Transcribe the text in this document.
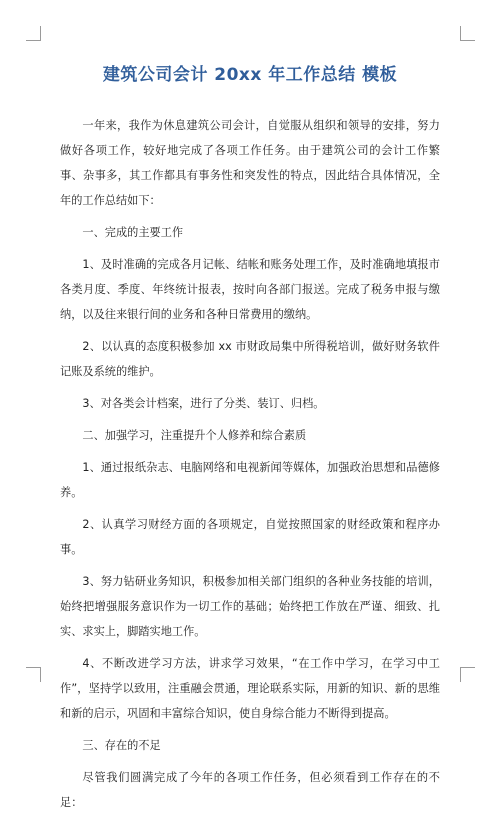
建筑公司会计 20xx 年工作总结 模板

一年来，我作为休息建筑公司会计，自觉服从组织和领导的安排，努力做好各项工作，较好地完成了各项工作任务。由于建筑公司的会计工作繁事、杂事多，其工作都具有事务性和突发性的特点，因此结合具体情况，全年的工作总结如下：

一、完成的主要工作

1、及时准确的完成各月记帐、结帐和账务处理工作，及时准确地填报市各类月度、季度、年终统计报表，按时向各部门报送。完成了税务申报与缴纳，以及往来银行间的业务和各种日常费用的缴纳。

2、以认真的态度积极参加 xx 市财政局集中所得税培训，做好财务软件记账及系统的维护。

3、对各类会计档案，进行了分类、装订、归档。

二、加强学习，注重提升个人修养和综合素质

1、通过报纸杂志、电脑网络和电视新闻等媒体，加强政治思想和品德修养。

2、认真学习财经方面的各项规定，自觉按照国家的财经政策和程序办事。

3、努力钻研业务知识，积极参加相关部门组织的各种业务技能的培训，始终把增强服务意识作为一切工作的基础；始终把工作放在严谨、细致、扎实、求实上，脚踏实地工作。

4、不断改进学习方法，讲求学习效果，“在工作中学习，在学习中工作”，坚持学以致用，注重融会贯通，理论联系实际，用新的知识、新的思维和新的启示，巩固和丰富综合知识，使自身综合能力不断得到提高。

三、存在的不足

尽管我们圆满完成了今年的各项工作任务，但必须看到工作存在的不足：
